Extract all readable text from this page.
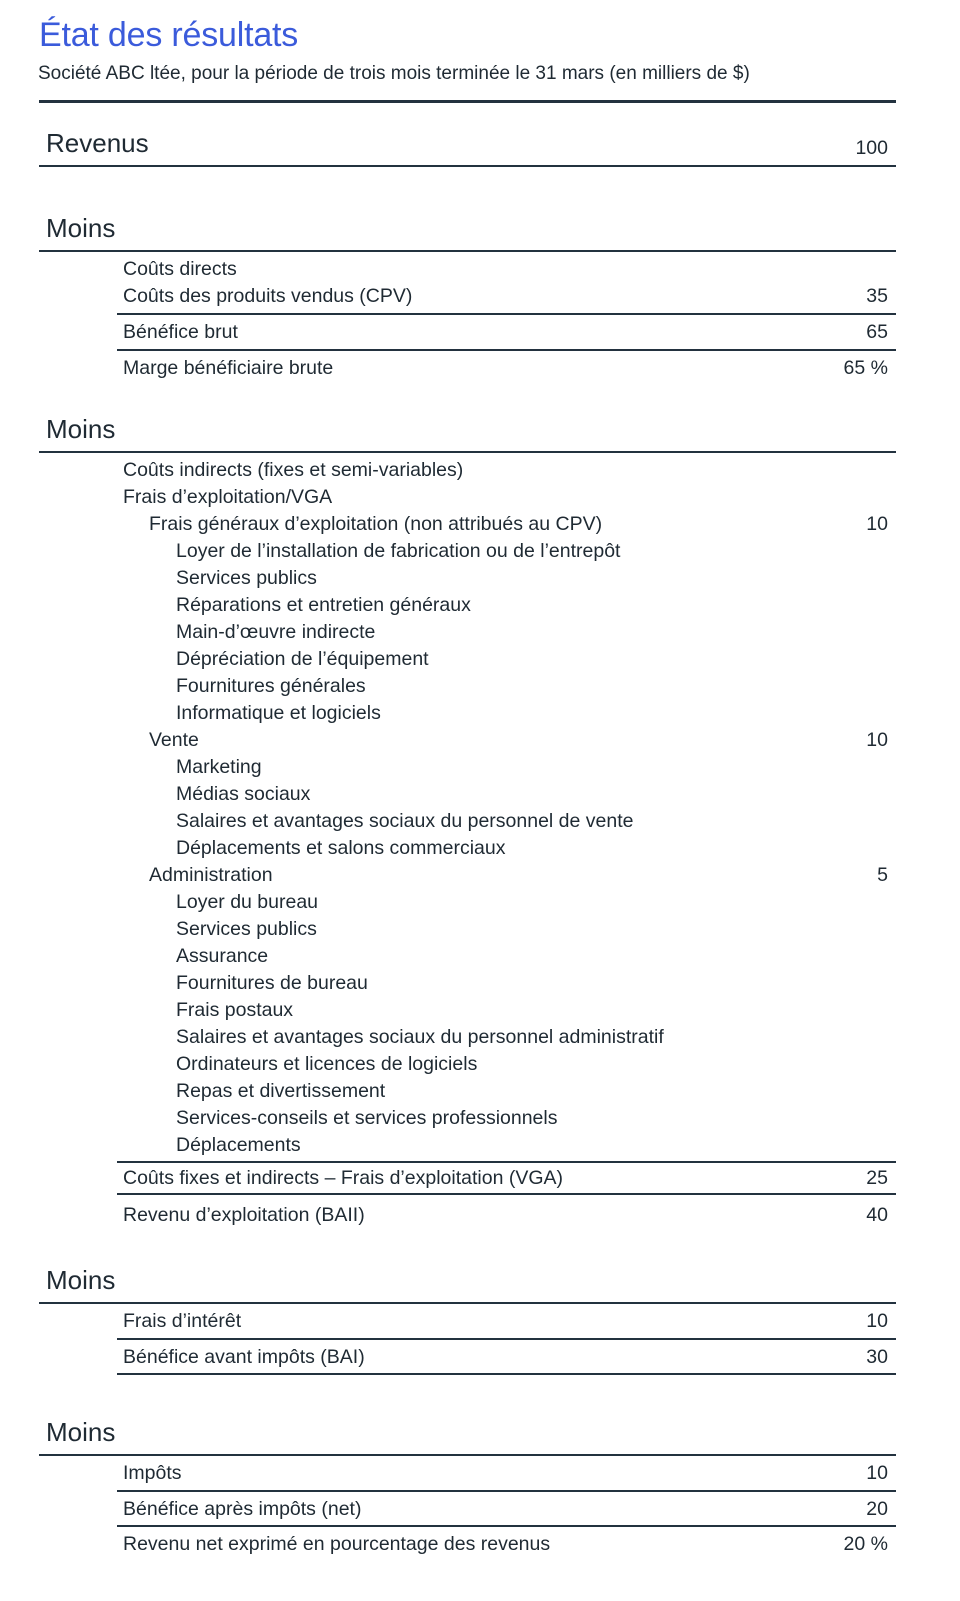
État des résultats
Société ABC ltée, pour la période de trois mois terminée le 31 mars (en milliers de $)
Revenus	100
Moins
Coûts directs
Coûts des produits vendus (CPV)	35
Bénéfice brut	65
Marge bénéficiaire brute	65 %
Moins
Coûts indirects (fixes et semi-variables)
Frais d’exploitation/VGA
Frais généraux d’exploitation (non attribués au CPV)	10
Loyer de l’installation de fabrication ou de l’entrepôt
Services publics
Réparations et entretien généraux
Main-d’œuvre indirecte
Dépréciation de l’équipement
Fournitures générales
Informatique et logiciels
Vente	10
Marketing
Médias sociaux
Salaires et avantages sociaux du personnel de vente
Déplacements et salons commerciaux
Administration	5
Loyer du bureau
Services publics
Assurance
Fournitures de bureau
Frais postaux
Salaires et avantages sociaux du personnel administratif
Ordinateurs et licences de logiciels
Repas et divertissement
Services-conseils et services professionnels
Déplacements
Coûts fixes et indirects – Frais d’exploitation (VGA)	25
Revenu d’exploitation (BAII)	40
Moins
Frais d’intérêt	10
Bénéfice avant impôts (BAI)	30
Moins
Impôts	10
Bénéfice après impôts (net)	20
Revenu net exprimé en pourcentage des revenus	20 %
